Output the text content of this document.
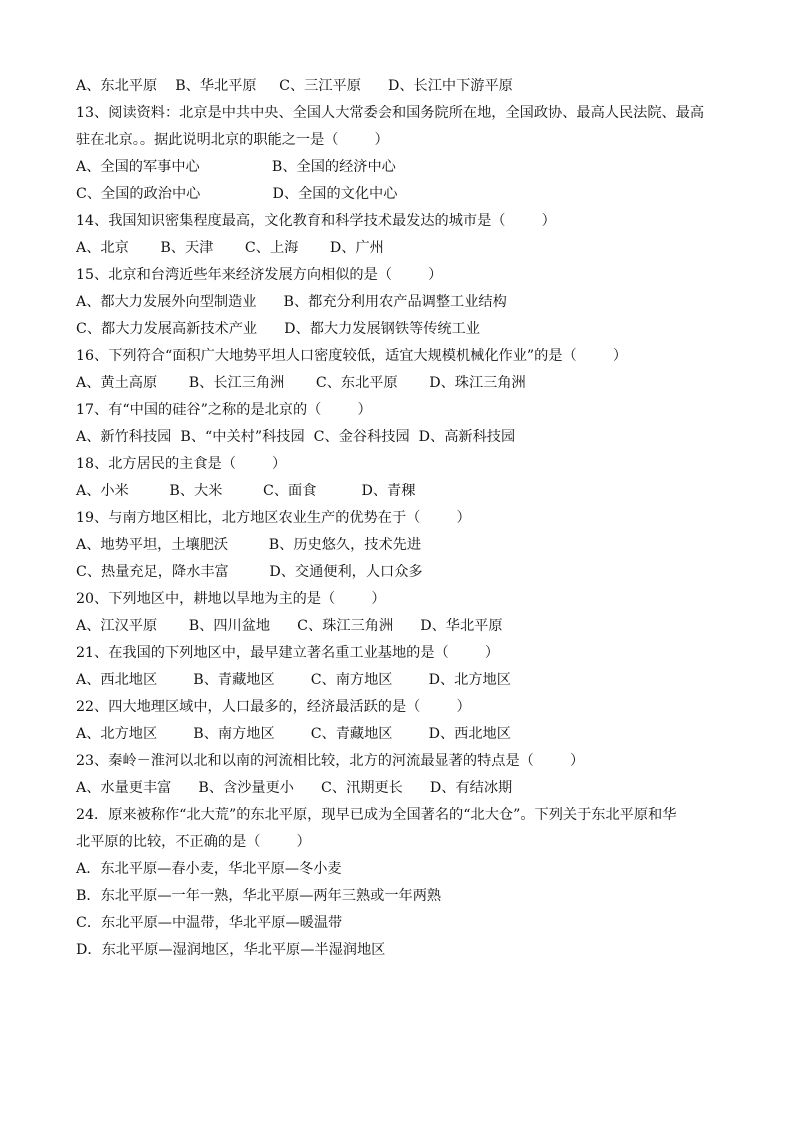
A、东北平原    B、华北平原     C、三江平原      D、长江中下游平原
13、阅读资料：北京是中共中央、全国人大常委会和国务院所在地，全国政协、最高人民法院、最高
驻在北京。。据此说明北京的职能之一是（        ）
A、全国的军事中心                B、全国的经济中心
C、全国的政治中心                D、全国的文化中心
14、我国知识密集程度最高，文化教育和科学技术最发达的城市是（        ）
A、北京       B、天津       C、上海       D、广州
15、北京和台湾近些年来经济发展方向相似的是（        ）
A、都大力发展外向型制造业      B、都充分利用农产品调整工业结构
C、都大力发展高新技术产业      D、都大力发展钢铁等传统工业
16、下列符合“面积广大地势平坦人口密度较低，适宜大规模机械化作业”的是（        ）
A、黄土高原       B、长江三角洲       C、东北平原       D、珠江三角洲
17、有“中国的硅谷”之称的是北京的（        ）
A、新竹科技园  B、“中关村”科技园  C、金谷科技园  D、高新科技园
18、北方居民的主食是（        ）
A、小米         B、大米         C、面食          D、青稞
19、与南方地区相比，北方地区农业生产的优势在于（        ）
A、地势平坦，土壤肥沃         B、历史悠久，技术先进
C、热量充足，降水丰富         D、交通便利，人口众多
20、下列地区中，耕地以旱地为主的是（        ）
A、江汉平原       B、四川盆地      C、珠江三角洲      D、华北平原
21、在我国的下列地区中，最早建立著名重工业基地的是（        ）
A、西北地区        B、青藏地区        C、南方地区        D、北方地区
22、四大地理区域中，人口最多的，经济最活跃的是（        ）
A、北方地区        B、南方地区        C、青藏地区        D、西北地区
23、秦岭－淮河以北和以南的河流相比较，北方的河流最显著的特点是（        ）
A、水量更丰富      B、含沙量更小      C、汛期更长      D、有结冰期
24．原来被称作“北大荒”的东北平原，现早已成为全国著名的“北大仓”。下列关于东北平原和华
北平原的比较，不正确的是（        ）
A．东北平原—春小麦，华北平原—冬小麦
B．东北平原—一年一熟，华北平原—两年三熟或一年两熟
C．东北平原—中温带，华北平原—暖温带
D．东北平原—湿润地区，华北平原—半湿润地区
